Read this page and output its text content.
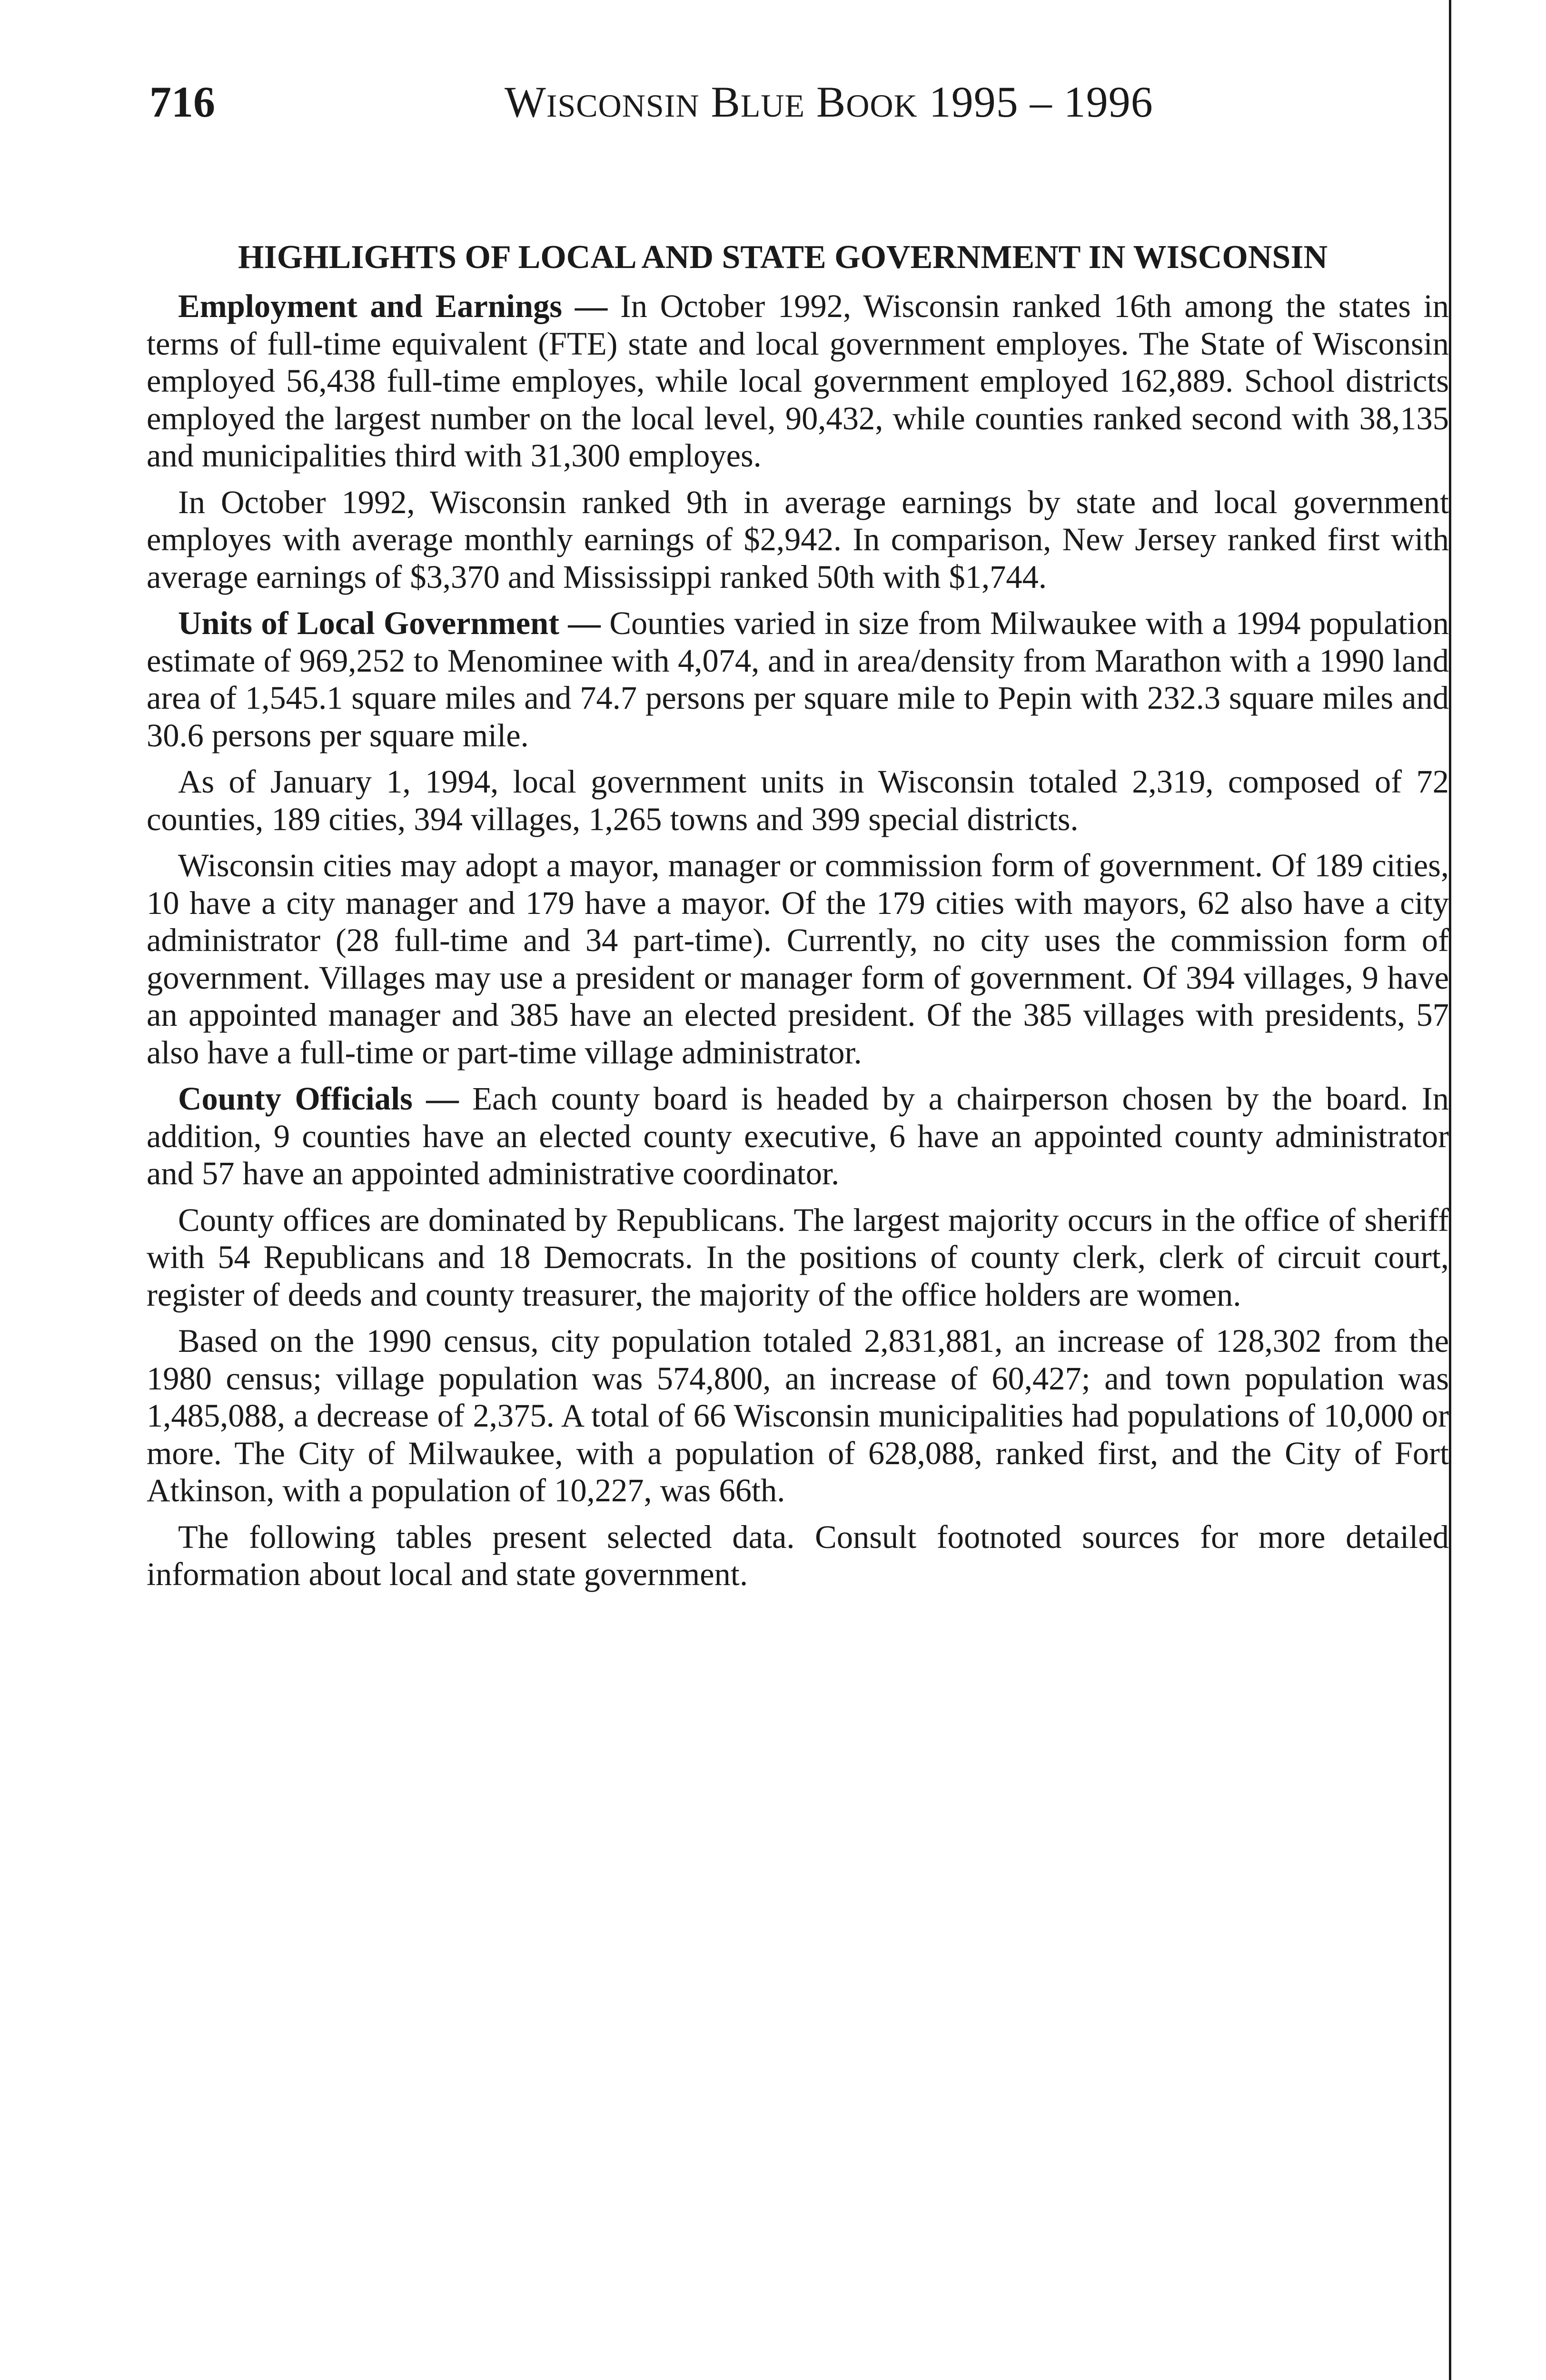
716	WISCONSIN BLUE BOOK 1995 – 1996
HIGHLIGHTS OF LOCAL AND STATE GOVERNMENT IN WISCONSIN

Employment and Earnings — In October 1992, Wisconsin ranked 16th among the states in terms of full-time equivalent (FTE) state and local government employes. The State of Wisconsin employed 56,438 full-time employes, while local government employed 162,889. School districts employed the largest number on the local level, 90,432, while counties ranked second with 38,135 and municipalities third with 31,300 employes.

In October 1992, Wisconsin ranked 9th in average earnings by state and local government employes with average monthly earnings of $2,942. In comparison, New Jersey ranked first with average earnings of $3,370 and Mississippi ranked 50th with $1,744.

Units of Local Government — Counties varied in size from Milwaukee with a 1994 population estimate of 969,252 to Menominee with 4,074, and in area/density from Marathon with a 1990 land area of 1,545.1 square miles and 74.7 persons per square mile to Pepin with 232.3 square miles and 30.6 persons per square mile.

As of January 1, 1994, local government units in Wisconsin totaled 2,319, composed of 72 counties, 189 cities, 394 villages, 1,265 towns and 399 special districts.

Wisconsin cities may adopt a mayor, manager or commission form of government. Of 189 cities, 10 have a city manager and 179 have a mayor. Of the 179 cities with mayors, 62 also have a city administrator (28 full-time and 34 part-time). Currently, no city uses the commission form of government. Villages may use a president or manager form of government. Of 394 villages, 9 have an appointed manager and 385 have an elected president. Of the 385 villages with presidents, 57 also have a full-time or part-time village administrator.

County Officials — Each county board is headed by a chairperson chosen by the board. In addition, 9 counties have an elected county executive, 6 have an appointed county administrator and 57 have an appointed administrative coordinator.

County offices are dominated by Republicans. The largest majority occurs in the office of sheriff with 54 Republicans and 18 Democrats. In the positions of county clerk, clerk of circuit court, register of deeds and county treasurer, the majority of the office holders are women.

Based on the 1990 census, city population totaled 2,831,881, an increase of 128,302 from the 1980 census; village population was 574,800, an increase of 60,427; and town population was 1,485,088, a decrease of 2,375. A total of 66 Wisconsin municipalities had populations of 10,000 or more. The City of Milwaukee, with a population of 628,088, ranked first, and the City of Fort Atkinson, with a population of 10,227, was 66th.

The following tables present selected data. Consult footnoted sources for more detailed information about local and state government.
